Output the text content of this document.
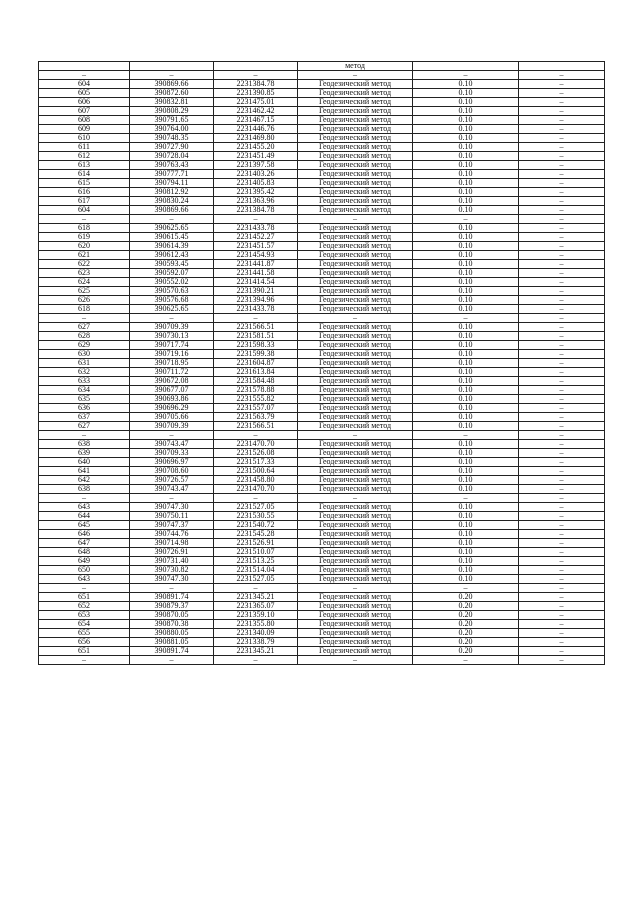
			метод		
–	–	–	–	–	–
604	390869.66	2231384.78	Геодезический метод	0.10	–
605	390872.60	2231390.85	Геодезический метод	0.10	–
606	390832.81	2231475.01	Геодезический метод	0.10	–
607	390808.29	2231462.42	Геодезический метод	0.10	–
608	390791.65	2231467.15	Геодезический метод	0.10	–
609	390764.00	2231446.76	Геодезический метод	0.10	–
610	390748.35	2231469.80	Геодезический метод	0.10	–
611	390727.90	2231455.20	Геодезический метод	0.10	–
612	390728.04	2231451.49	Геодезический метод	0.10	–
613	390763.43	2231397.58	Геодезический метод	0.10	–
614	390777.71	2231403.26	Геодезический метод	0.10	–
615	390794.11	2231405.83	Геодезический метод	0.10	–
616	390812.92	2231395.42	Геодезический метод	0.10	–
617	390830.24	2231363.96	Геодезический метод	0.10	–
604	390869.66	2231384.78	Геодезический метод	0.10	–
–	–	–	–	–	–
618	390625.65	2231433.78	Геодезический метод	0.10	–
619	390615.45	2231452.27	Геодезический метод	0.10	–
620	390614.39	2231451.57	Геодезический метод	0.10	–
621	390612.43	2231454.93	Геодезический метод	0.10	–
622	390593.45	2231441.87	Геодезический метод	0.10	–
623	390592.07	2231441.58	Геодезический метод	0.10	–
624	390552.02	2231414.54	Геодезический метод	0.10	–
625	390570.63	2231390.21	Геодезический метод	0.10	–
626	390576.68	2231394.96	Геодезический метод	0.10	–
618	390625.65	2231433.78	Геодезический метод	0.10	–
–	–	–	–	–	–
627	390709.39	2231566.51	Геодезический метод	0.10	–
628	390730.13	2231581.51	Геодезический метод	0.10	–
629	390717.74	2231598.33	Геодезический метод	0.10	–
630	390719.16	2231599.38	Геодезический метод	0.10	–
631	390718.95	2231604.87	Геодезический метод	0.10	–
632	390711.72	2231613.84	Геодезический метод	0.10	–
633	390672.08	2231584.48	Геодезический метод	0.10	–
634	390677.07	2231578.88	Геодезический метод	0.10	–
635	390693.86	2231555.82	Геодезический метод	0.10	–
636	390696.29	2231557.07	Геодезический метод	0.10	–
637	390705.66	2231563.79	Геодезический метод	0.10	–
627	390709.39	2231566.51	Геодезический метод	0.10	–
–	–	–	–	–	–
638	390743.47	2231470.70	Геодезический метод	0.10	–
639	390709.33	2231526.08	Геодезический метод	0.10	–
640	390696.97	2231517.33	Геодезический метод	0.10	–
641	390708.60	2231500.64	Геодезический метод	0.10	–
642	390726.57	2231458.80	Геодезический метод	0.10	–
638	390743.47	2231470.70	Геодезический метод	0.10	–
–	–	–	–	–	–
643	390747.30	2231527.05	Геодезический метод	0.10	–
644	390750.11	2231530.55	Геодезический метод	0.10	–
645	390747.37	2231540.72	Геодезический метод	0.10	–
646	390744.76	2231545.28	Геодезический метод	0.10	–
647	390714.98	2231526.91	Геодезический метод	0.10	–
648	390726.91	2231510.07	Геодезический метод	0.10	–
649	390731.40	2231513.25	Геодезический метод	0.10	–
650	390730.82	2231514.04	Геодезический метод	0.10	–
643	390747.30	2231527.05	Геодезический метод	0.10	–
–	–	–	–	–	–
651	390891.74	2231345.21	Геодезический метод	0.20	–
652	390879.37	2231365.07	Геодезический метод	0.20	–
653	390870.05	2231359.10	Геодезический метод	0.20	–
654	390870.38	2231355.80	Геодезический метод	0.20	–
655	390880.05	2231340.09	Геодезический метод	0.20	–
656	390881.05	2231338.79	Геодезический метод	0.20	–
651	390891.74	2231345.21	Геодезический метод	0.20	–
–	–	–	–	–	–
